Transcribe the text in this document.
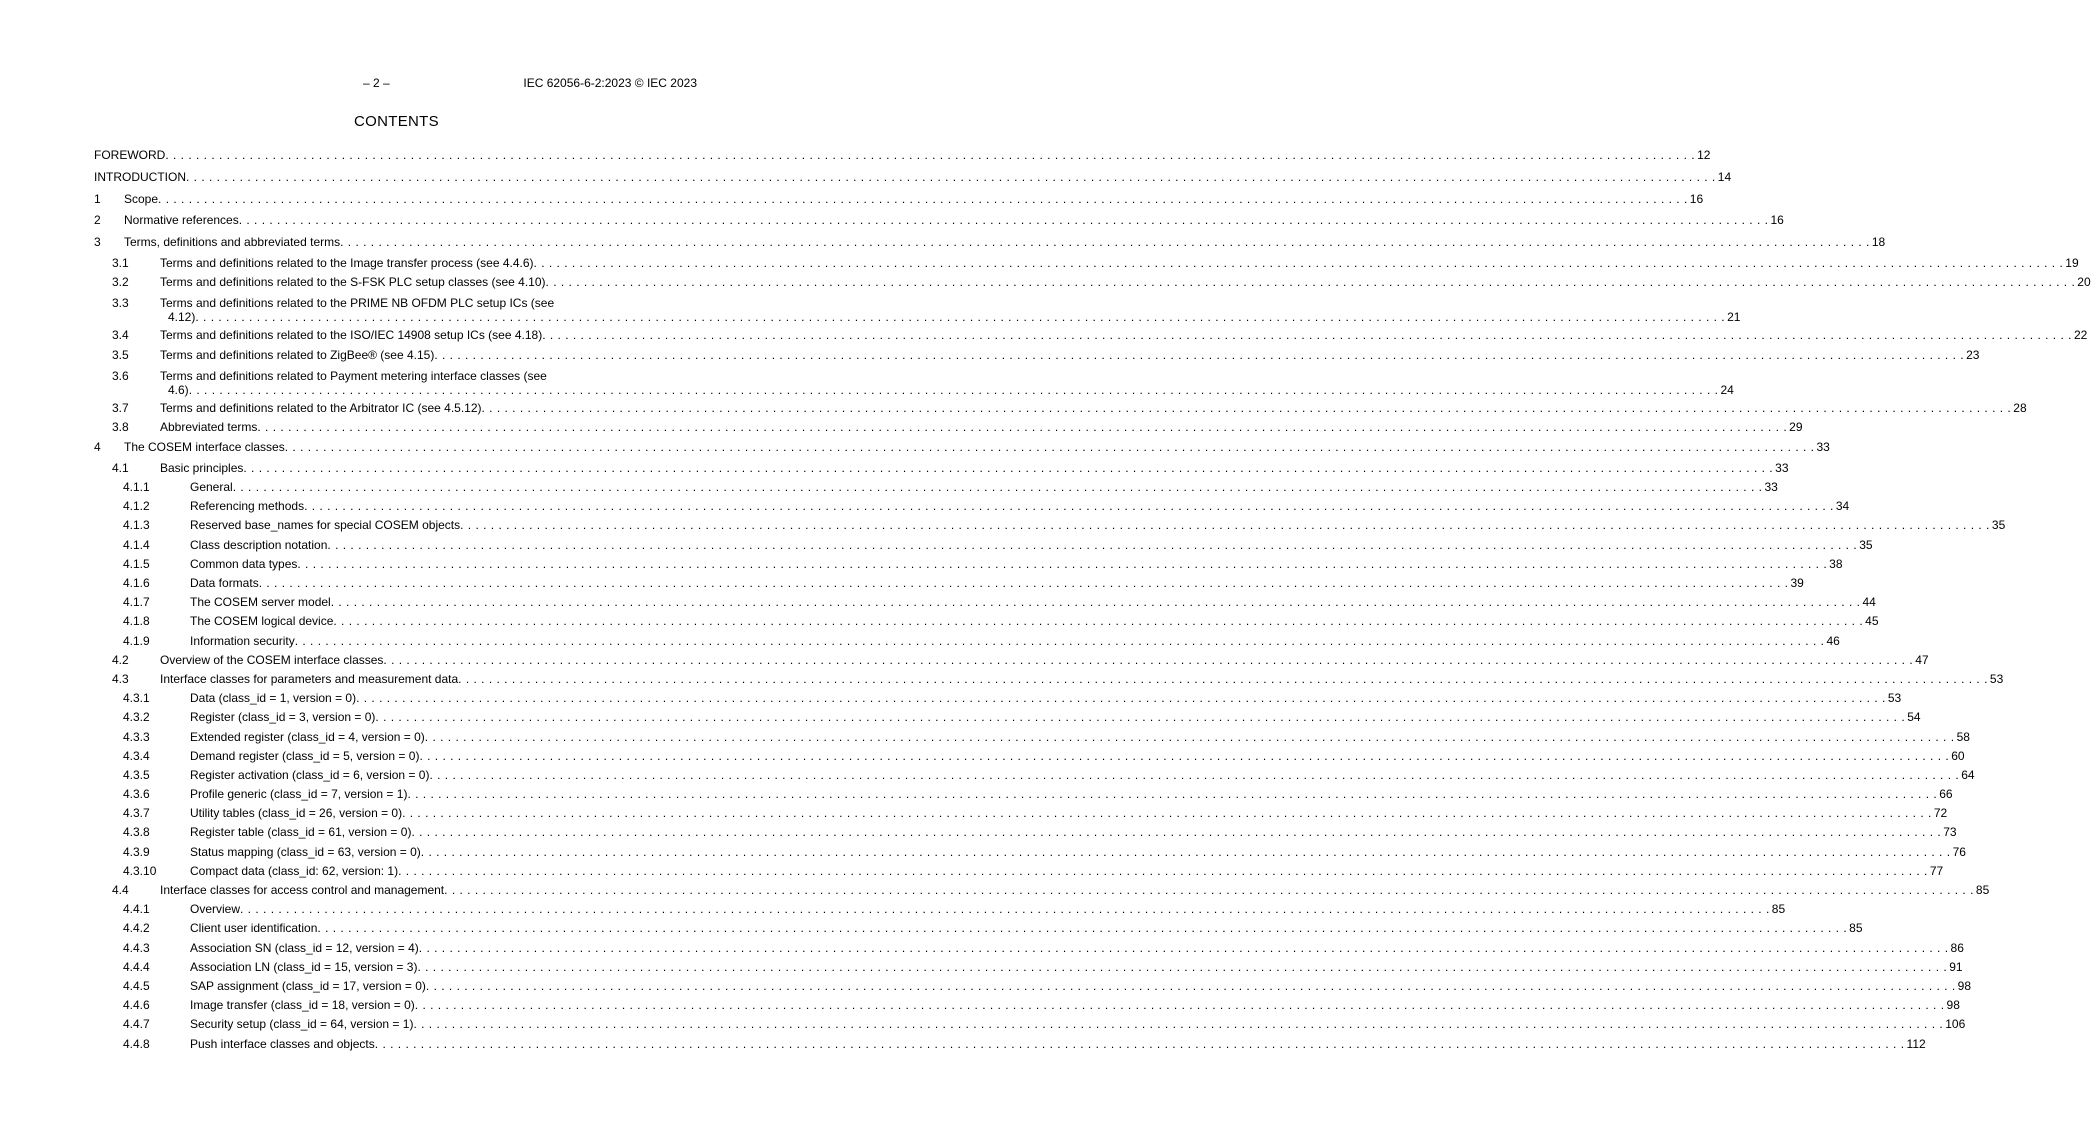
– 2 –	IEC 62056-6-2:2023 © IEC 2023
CONTENTS
FOREWORD . . . . . . . . . . . . . . . . . . . . . . . . . . . . . . . . . . . . . . . . . . . . . . . . . . . . . . . . . . . . . . . . . . . . . . . . . . . . . . . . . . . . . . . . . . . . . . . . . . . . . . . . . . . . . . . . . . . . . . . . . . . . . . . . . . . . . . . . . . . . . . . . . . . . . . . . . . . . . . . . . . . . . . . . . . . . . . . . . . . . . . . . . . . . . . . . . . . . . . . . 12
INTRODUCTION . . . . . . . . . . . . . . . . . . . . . . . . . . . . . . . . . . . . . . . . . . . . . . . . . . . . . . . . . . . . . . . . . . . . . . . . . . . . . . . . . . . . . . . . . . . . . . . . . . . . . . . . . . . . . . . . . . . . . . . . . . . . . . . . . . . . . . . . . . . . . . . . . . . . . . . . . . . . . . . . . . . . . . . . . . . . . . . . . . . . . . . . . . . . . . . . . . . . . . . . 14
1 Scope . . . . . . . . . . . . . . . . . . . . . . . . . . . . . . . . . . . . . . . . . . . . . . . . . . . . . . . . . . . . . . . . . . . . . . . . . . . . . . . . . . . . . . . . . . . . . . . . . . . . . . . . . . . . . . . . . . . . . . . . . . . . . . . . . . . . . . . . . . . . . . . . . . . . . . . . . . . . . . . . . . . . . . . . . . . . . . . . . . . . . . . . . . . . . . . . . . . . . . . . 16
2 Normative references . . . . . . . . . . . . . . . . . . . . . . . . . . . . . . . . . . . . . . . . . . . . . . . . . . . . . . . . . . . . . . . . . . . . . . . . . . . . . . . . . . . . . . . . . . . . . . . . . . . . . . . . . . . . . . . . . . . . . . . . . . . . . . . . . . . . . . . . . . . . . . . . . . . . . . . . . . . . . . . . . . . . . . . . . . . . . . . . . . . . . . . . . . . . . . . . . . . . . . . . 16
3 Terms, definitions and abbreviated terms . . . . . . . . . . . . . . . . . . . . . . . . . . . . . . . . . . . . . . . . . . . . . . . . . . . . . . . . . . . . . . . . . . . . . . . . . . . . . . . . . . . . . . . . . . . . . . . . . . . . . . . . . . . . . . . . . . . . . . . . . . . . . . . . . . . . . . . . . . . . . . . . . . . . . . . . . . . . . . . . . . . . . . . . . . . . . . . . . . . . . . . . . . . . . . . . . . . . . . . . 18
3.1	Terms and definitions related to the Image transfer process (see 4.4.6) . . . . . . . . . . . . . . . . . . . . . . . . . . . . . . . . . . . . . . . . . . . . . . . . . . . . . . . . . . . . . . . . . . . . . . . . . . . . . . . . . . . . . . . . . . . . . . . . . . . . . . . . . . . . . . . . . . . . . . . . . . . . . . . . . . . . . . . . . . . . . . . . . . . . . . . . . . . . . . . . . . . . . . . . . . . . . . . . . . . . . . . . . . . . . . . . . . . . . . . . 19
3.2	Terms and definitions related to the S-FSK PLC setup classes (see 4.10) . . . . . . . . . . . . . . . . . . . . . . . . . . . . . . . . . . . . . . . . . . . . . . . . . . . . . . . . . . . . . . . . . . . . . . . . . . . . . . . . . . . . . . . . . . . . . . . . . . . . . . . . . . . . . . . . . . . . . . . . . . . . . . . . . . . . . . . . . . . . . . . . . . . . . . . . . . . . . . . . . . . . . . . . . . . . . . . . . . . . . . . . . . . . . . . . . . . . . . . . 20
3.3	Terms and definitions related to the PRIME NB OFDM PLC setup ICs (see
4.12) . . . . . . . . . . . . . . . . . . . . . . . . . . . . . . . . . . . . . . . . . . . . . . . . . . . . . . . . . . . . . . . . . . . . . . . . . . . . . . . . . . . . . . . . . . . . . . . . . . . . . . . . . . . . . . . . . . . . . . . . . . . . . . . . . . . . . . . . . . . . . . . . . . . . . . . . . . . . . . . . . . . . . . . . . . . . . . . . . . . . . . . . . . . . . . . . . . . . . . . . 21
3.4	Terms and definitions related to the ISO/IEC 14908 setup ICs (see 4.18) . . . . . . . . . . . . . . . . . . . . . . . . . . . . . . . . . . . . . . . . . . . . . . . . . . . . . . . . . . . . . . . . . . . . . . . . . . . . . . . . . . . . . . . . . . . . . . . . . . . . . . . . . . . . . . . . . . . . . . . . . . . . . . . . . . . . . . . . . . . . . . . . . . . . . . . . . . . . . . . . . . . . . . . . . . . . . . . . . . . . . . . . . . . . . . . . . . . . . . . . 22
3.5	Terms and definitions related to ZigBee® (see 4.15) . . . . . . . . . . . . . . . . . . . . . . . . . . . . . . . . . . . . . . . . . . . . . . . . . . . . . . . . . . . . . . . . . . . . . . . . . . . . . . . . . . . . . . . . . . . . . . . . . . . . . . . . . . . . . . . . . . . . . . . . . . . . . . . . . . . . . . . . . . . . . . . . . . . . . . . . . . . . . . . . . . . . . . . . . . . . . . . . . . . . . . . . . . . . . . . . . . . . . . . . 23
3.6	Terms and definitions related to Payment metering interface classes (see
4.6) . . . . . . . . . . . . . . . . . . . . . . . . . . . . . . . . . . . . . . . . . . . . . . . . . . . . . . . . . . . . . . . . . . . . . . . . . . . . . . . . . . . . . . . . . . . . . . . . . . . . . . . . . . . . . . . . . . . . . . . . . . . . . . . . . . . . . . . . . . . . . . . . . . . . . . . . . . . . . . . . . . . . . . . . . . . . . . . . . . . . . . . . . . . . . . . . . . . . . . . . 24
3.7	Terms and definitions related to the Arbitrator IC (see 4.5.12) . . . . . . . . . . . . . . . . . . . . . . . . . . . . . . . . . . . . . . . . . . . . . . . . . . . . . . . . . . . . . . . . . . . . . . . . . . . . . . . . . . . . . . . . . . . . . . . . . . . . . . . . . . . . . . . . . . . . . . . . . . . . . . . . . . . . . . . . . . . . . . . . . . . . . . . . . . . . . . . . . . . . . . . . . . . . . . . . . . . . . . . . . . . . . . . . . . . . . . . . 28
3.8	Abbreviated terms . . . . . . . . . . . . . . . . . . . . . . . . . . . . . . . . . . . . . . . . . . . . . . . . . . . . . . . . . . . . . . . . . . . . . . . . . . . . . . . . . . . . . . . . . . . . . . . . . . . . . . . . . . . . . . . . . . . . . . . . . . . . . . . . . . . . . . . . . . . . . . . . . . . . . . . . . . . . . . . . . . . . . . . . . . . . . . . . . . . . . . . . . . . . . . . . . . . . . . . . 29
4 The COSEM interface classes . . . . . . . . . . . . . . . . . . . . . . . . . . . . . . . . . . . . . . . . . . . . . . . . . . . . . . . . . . . . . . . . . . . . . . . . . . . . . . . . . . . . . . . . . . . . . . . . . . . . . . . . . . . . . . . . . . . . . . . . . . . . . . . . . . . . . . . . . . . . . . . . . . . . . . . . . . . . . . . . . . . . . . . . . . . . . . . . . . . . . . . . . . . . . . . . . . . . . . . . 33
4.1	Basic principles . . . . . . . . . . . . . . . . . . . . . . . . . . . . . . . . . . . . . . . . . . . . . . . . . . . . . . . . . . . . . . . . . . . . . . . . . . . . . . . . . . . . . . . . . . . . . . . . . . . . . . . . . . . . . . . . . . . . . . . . . . . . . . . . . . . . . . . . . . . . . . . . . . . . . . . . . . . . . . . . . . . . . . . . . . . . . . . . . . . . . . . . . . . . . . . . . . . . . . . . 33
4.1.1	General . . . . . . . . . . . . . . . . . . . . . . . . . . . . . . . . . . . . . . . . . . . . . . . . . . . . . . . . . . . . . . . . . . . . . . . . . . . . . . . . . . . . . . . . . . . . . . . . . . . . . . . . . . . . . . . . . . . . . . . . . . . . . . . . . . . . . . . . . . . . . . . . . . . . . . . . . . . . . . . . . . . . . . . . . . . . . . . . . . . . . . . . . . . . . . . . . . . . . . . . 33
4.1.2	Referencing methods . . . . . . . . . . . . . . . . . . . . . . . . . . . . . . . . . . . . . . . . . . . . . . . . . . . . . . . . . . . . . . . . . . . . . . . . . . . . . . . . . . . . . . . . . . . . . . . . . . . . . . . . . . . . . . . . . . . . . . . . . . . . . . . . . . . . . . . . . . . . . . . . . . . . . . . . . . . . . . . . . . . . . . . . . . . . . . . . . . . . . . . . . . . . . . . . . . . . . . . . 34
4.1.3	Reserved base_names for special COSEM objects . . . . . . . . . . . . . . . . . . . . . . . . . . . . . . . . . . . . . . . . . . . . . . . . . . . . . . . . . . . . . . . . . . . . . . . . . . . . . . . . . . . . . . . . . . . . . . . . . . . . . . . . . . . . . . . . . . . . . . . . . . . . . . . . . . . . . . . . . . . . . . . . . . . . . . . . . . . . . . . . . . . . . . . . . . . . . . . . . . . . . . . . . . . . . . . . . . . . . . . . 35
4.1.4	Class description notation . . . . . . . . . . . . . . . . . . . . . . . . . . . . . . . . . . . . . . . . . . . . . . . . . . . . . . . . . . . . . . . . . . . . . . . . . . . . . . . . . . . . . . . . . . . . . . . . . . . . . . . . . . . . . . . . . . . . . . . . . . . . . . . . . . . . . . . . . . . . . . . . . . . . . . . . . . . . . . . . . . . . . . . . . . . . . . . . . . . . . . . . . . . . . . . . . . . . . . . . 35
4.1.5	Common data types . . . . . . . . . . . . . . . . . . . . . . . . . . . . . . . . . . . . . . . . . . . . . . . . . . . . . . . . . . . . . . . . . . . . . . . . . . . . . . . . . . . . . . . . . . . . . . . . . . . . . . . . . . . . . . . . . . . . . . . . . . . . . . . . . . . . . . . . . . . . . . . . . . . . . . . . . . . . . . . . . . . . . . . . . . . . . . . . . . . . . . . . . . . . . . . . . . . . . . . . 38
4.1.6	Data formats . . . . . . . . . . . . . . . . . . . . . . . . . . . . . . . . . . . . . . . . . . . . . . . . . . . . . . . . . . . . . . . . . . . . . . . . . . . . . . . . . . . . . . . . . . . . . . . . . . . . . . . . . . . . . . . . . . . . . . . . . . . . . . . . . . . . . . . . . . . . . . . . . . . . . . . . . . . . . . . . . . . . . . . . . . . . . . . . . . . . . . . . . . . . . . . . . . . . . . . . 39
4.1.7	The COSEM server model . . . . . . . . . . . . . . . . . . . . . . . . . . . . . . . . . . . . . . . . . . . . . . . . . . . . . . . . . . . . . . . . . . . . . . . . . . . . . . . . . . . . . . . . . . . . . . . . . . . . . . . . . . . . . . . . . . . . . . . . . . . . . . . . . . . . . . . . . . . . . . . . . . . . . . . . . . . . . . . . . . . . . . . . . . . . . . . . . . . . . . . . . . . . . . . . . . . . . . . . 44
4.1.8	The COSEM logical device . . . . . . . . . . . . . . . . . . . . . . . . . . . . . . . . . . . . . . . . . . . . . . . . . . . . . . . . . . . . . . . . . . . . . . . . . . . . . . . . . . . . . . . . . . . . . . . . . . . . . . . . . . . . . . . . . . . . . . . . . . . . . . . . . . . . . . . . . . . . . . . . . . . . . . . . . . . . . . . . . . . . . . . . . . . . . . . . . . . . . . . . . . . . . . . . . . . . . . . . 45
4.1.9	Information security . . . . . . . . . . . . . . . . . . . . . . . . . . . . . . . . . . . . . . . . . . . . . . . . . . . . . . . . . . . . . . . . . . . . . . . . . . . . . . . . . . . . . . . . . . . . . . . . . . . . . . . . . . . . . . . . . . . . . . . . . . . . . . . . . . . . . . . . . . . . . . . . . . . . . . . . . . . . . . . . . . . . . . . . . . . . . . . . . . . . . . . . . . . . . . . . . . . . . . . . 46
4.2	Overview of the COSEM interface classes . . . . . . . . . . . . . . . . . . . . . . . . . . . . . . . . . . . . . . . . . . . . . . . . . . . . . . . . . . . . . . . . . . . . . . . . . . . . . . . . . . . . . . . . . . . . . . . . . . . . . . . . . . . . . . . . . . . . . . . . . . . . . . . . . . . . . . . . . . . . . . . . . . . . . . . . . . . . . . . . . . . . . . . . . . . . . . . . . . . . . . . . . . . . . . . . . . . . . . . . 47
4.3	Interface classes for parameters and measurement data . . . . . . . . . . . . . . . . . . . . . . . . . . . . . . . . . . . . . . . . . . . . . . . . . . . . . . . . . . . . . . . . . . . . . . . . . . . . . . . . . . . . . . . . . . . . . . . . . . . . . . . . . . . . . . . . . . . . . . . . . . . . . . . . . . . . . . . . . . . . . . . . . . . . . . . . . . . . . . . . . . . . . . . . . . . . . . . . . . . . . . . . . . . . . . . . . . . . . . . . 53
4.3.1	Data (class_id = 1, version = 0) . . . . . . . . . . . . . . . . . . . . . . . . . . . . . . . . . . . . . . . . . . . . . . . . . . . . . . . . . . . . . . . . . . . . . . . . . . . . . . . . . . . . . . . . . . . . . . . . . . . . . . . . . . . . . . . . . . . . . . . . . . . . . . . . . . . . . . . . . . . . . . . . . . . . . . . . . . . . . . . . . . . . . . . . . . . . . . . . . . . . . . . . . . . . . . . . . . . . . . . . 53
4.3.2	Register (class_id = 3, version = 0) . . . . . . . . . . . . . . . . . . . . . . . . . . . . . . . . . . . . . . . . . . . . . . . . . . . . . . . . . . . . . . . . . . . . . . . . . . . . . . . . . . . . . . . . . . . . . . . . . . . . . . . . . . . . . . . . . . . . . . . . . . . . . . . . . . . . . . . . . . . . . . . . . . . . . . . . . . . . . . . . . . . . . . . . . . . . . . . . . . . . . . . . . . . . . . . . . . . . . . . . 54
4.3.3	Extended register (class_id = 4, version = 0) . . . . . . . . . . . . . . . . . . . . . . . . . . . . . . . . . . . . . . . . . . . . . . . . . . . . . . . . . . . . . . . . . . . . . . . . . . . . . . . . . . . . . . . . . . . . . . . . . . . . . . . . . . . . . . . . . . . . . . . . . . . . . . . . . . . . . . . . . . . . . . . . . . . . . . . . . . . . . . . . . . . . . . . . . . . . . . . . . . . . . . . . . . . . . . . . . . . . . . . . 58
4.3.4	Demand register (class_id = 5, version = 0) . . . . . . . . . . . . . . . . . . . . . . . . . . . . . . . . . . . . . . . . . . . . . . . . . . . . . . . . . . . . . . . . . . . . . . . . . . . . . . . . . . . . . . . . . . . . . . . . . . . . . . . . . . . . . . . . . . . . . . . . . . . . . . . . . . . . . . . . . . . . . . . . . . . . . . . . . . . . . . . . . . . . . . . . . . . . . . . . . . . . . . . . . . . . . . . . . . . . . . . . 60
4.3.5	Register activation (class_id = 6, version = 0) . . . . . . . . . . . . . . . . . . . . . . . . . . . . . . . . . . . . . . . . . . . . . . . . . . . . . . . . . . . . . . . . . . . . . . . . . . . . . . . . . . . . . . . . . . . . . . . . . . . . . . . . . . . . . . . . . . . . . . . . . . . . . . . . . . . . . . . . . . . . . . . . . . . . . . . . . . . . . . . . . . . . . . . . . . . . . . . . . . . . . . . . . . . . . . . . . . . . . . . . 64
4.3.6	Profile generic (class_id = 7, version = 1) . . . . . . . . . . . . . . . . . . . . . . . . . . . . . . . . . . . . . . . . . . . . . . . . . . . . . . . . . . . . . . . . . . . . . . . . . . . . . . . . . . . . . . . . . . . . . . . . . . . . . . . . . . . . . . . . . . . . . . . . . . . . . . . . . . . . . . . . . . . . . . . . . . . . . . . . . . . . . . . . . . . . . . . . . . . . . . . . . . . . . . . . . . . . . . . . . . . . . . . . 66
4.3.7	Utility tables (class_id = 26, version = 0) . . . . . . . . . . . . . . . . . . . . . . . . . . . . . . . . . . . . . . . . . . . . . . . . . . . . . . . . . . . . . . . . . . . . . . . . . . . . . . . . . . . . . . . . . . . . . . . . . . . . . . . . . . . . . . . . . . . . . . . . . . . . . . . . . . . . . . . . . . . . . . . . . . . . . . . . . . . . . . . . . . . . . . . . . . . . . . . . . . . . . . . . . . . . . . . . . . . . . . . . 72
4.3.8	Register table (class_id = 61, version = 0) . . . . . . . . . . . . . . . . . . . . . . . . . . . . . . . . . . . . . . . . . . . . . . . . . . . . . . . . . . . . . . . . . . . . . . . . . . . . . . . . . . . . . . . . . . . . . . . . . . . . . . . . . . . . . . . . . . . . . . . . . . . . . . . . . . . . . . . . . . . . . . . . . . . . . . . . . . . . . . . . . . . . . . . . . . . . . . . . . . . . . . . . . . . . . . . . . . . . . . . . 73
4.3.9	Status mapping (class_id = 63, version = 0) . . . . . . . . . . . . . . . . . . . . . . . . . . . . . . . . . . . . . . . . . . . . . . . . . . . . . . . . . . . . . . . . . . . . . . . . . . . . . . . . . . . . . . . . . . . . . . . . . . . . . . . . . . . . . . . . . . . . . . . . . . . . . . . . . . . . . . . . . . . . . . . . . . . . . . . . . . . . . . . . . . . . . . . . . . . . . . . . . . . . . . . . . . . . . . . . . . . . . . . . 76
4.3.10	Compact data (class_id: 62, version: 1) . . . . . . . . . . . . . . . . . . . . . . . . . . . . . . . . . . . . . . . . . . . . . . . . . . . . . . . . . . . . . . . . . . . . . . . . . . . . . . . . . . . . . . . . . . . . . . . . . . . . . . . . . . . . . . . . . . . . . . . . . . . . . . . . . . . . . . . . . . . . . . . . . . . . . . . . . . . . . . . . . . . . . . . . . . . . . . . . . . . . . . . . . . . . . . . . . . . . . . . . 77
4.4	Interface classes for access control and management . . . . . . . . . . . . . . . . . . . . . . . . . . . . . . . . . . . . . . . . . . . . . . . . . . . . . . . . . . . . . . . . . . . . . . . . . . . . . . . . . . . . . . . . . . . . . . . . . . . . . . . . . . . . . . . . . . . . . . . . . . . . . . . . . . . . . . . . . . . . . . . . . . . . . . . . . . . . . . . . . . . . . . . . . . . . . . . . . . . . . . . . . . . . . . . . . . . . . . . . 85
4.4.1	Overview . . . . . . . . . . . . . . . . . . . . . . . . . . . . . . . . . . . . . . . . . . . . . . . . . . . . . . . . . . . . . . . . . . . . . . . . . . . . . . . . . . . . . . . . . . . . . . . . . . . . . . . . . . . . . . . . . . . . . . . . . . . . . . . . . . . . . . . . . . . . . . . . . . . . . . . . . . . . . . . . . . . . . . . . . . . . . . . . . . . . . . . . . . . . . . . . . . . . . . . . 85
4.4.2	Client user identification . . . . . . . . . . . . . . . . . . . . . . . . . . . . . . . . . . . . . . . . . . . . . . . . . . . . . . . . . . . . . . . . . . . . . . . . . . . . . . . . . . . . . . . . . . . . . . . . . . . . . . . . . . . . . . . . . . . . . . . . . . . . . . . . . . . . . . . . . . . . . . . . . . . . . . . . . . . . . . . . . . . . . . . . . . . . . . . . . . . . . . . . . . . . . . . . . . . . . . . . 85
4.4.3	Association SN (class_id = 12, version = 4) . . . . . . . . . . . . . . . . . . . . . . . . . . . . . . . . . . . . . . . . . . . . . . . . . . . . . . . . . . . . . . . . . . . . . . . . . . . . . . . . . . . . . . . . . . . . . . . . . . . . . . . . . . . . . . . . . . . . . . . . . . . . . . . . . . . . . . . . . . . . . . . . . . . . . . . . . . . . . . . . . . . . . . . . . . . . . . . . . . . . . . . . . . . . . . . . . . . . . . . . 86
4.4.4	Association LN (class_id = 15, version = 3) . . . . . . . . . . . . . . . . . . . . . . . . . . . . . . . . . . . . . . . . . . . . . . . . . . . . . . . . . . . . . . . . . . . . . . . . . . . . . . . . . . . . . . . . . . . . . . . . . . . . . . . . . . . . . . . . . . . . . . . . . . . . . . . . . . . . . . . . . . . . . . . . . . . . . . . . . . . . . . . . . . . . . . . . . . . . . . . . . . . . . . . . . . . . . . . . . . . . . . . . 91
4.4.5	SAP assignment (class_id = 17, version = 0) . . . . . . . . . . . . . . . . . . . . . . . . . . . . . . . . . . . . . . . . . . . . . . . . . . . . . . . . . . . . . . . . . . . . . . . . . . . . . . . . . . . . . . . . . . . . . . . . . . . . . . . . . . . . . . . . . . . . . . . . . . . . . . . . . . . . . . . . . . . . . . . . . . . . . . . . . . . . . . . . . . . . . . . . . . . . . . . . . . . . . . . . . . . . . . . . . . . . . . . . 98
4.4.6	Image transfer (class_id = 18, version = 0) . . . . . . . . . . . . . . . . . . . . . . . . . . . . . . . . . . . . . . . . . . . . . . . . . . . . . . . . . . . . . . . . . . . . . . . . . . . . . . . . . . . . . . . . . . . . . . . . . . . . . . . . . . . . . . . . . . . . . . . . . . . . . . . . . . . . . . . . . . . . . . . . . . . . . . . . . . . . . . . . . . . . . . . . . . . . . . . . . . . . . . . . . . . . . . . . . . . . . . . . 98
4.4.7	Security setup (class_id = 64, version = 1) . . . . . . . . . . . . . . . . . . . . . . . . . . . . . . . . . . . . . . . . . . . . . . . . . . . . . . . . . . . . . . . . . . . . . . . . . . . . . . . . . . . . . . . . . . . . . . . . . . . . . . . . . . . . . . . . . . . . . . . . . . . . . . . . . . . . . . . . . . . . . . . . . . . . . . . . . . . . . . . . . . . . . . . . . . . . . . . . . . . . . . . . . . . . . . . . . . . . . . . . 106
4.4.8	Push interface classes and objects . . . . . . . . . . . . . . . . . . . . . . . . . . . . . . . . . . . . . . . . . . . . . . . . . . . . . . . . . . . . . . . . . . . . . . . . . . . . . . . . . . . . . . . . . . . . . . . . . . . . . . . . . . . . . . . . . . . . . . . . . . . . . . . . . . . . . . . . . . . . . . . . . . . . . . . . . . . . . . . . . . . . . . . . . . . . . . . . . . . . . . . . . . . . . . . . . . . . . . . . 112
